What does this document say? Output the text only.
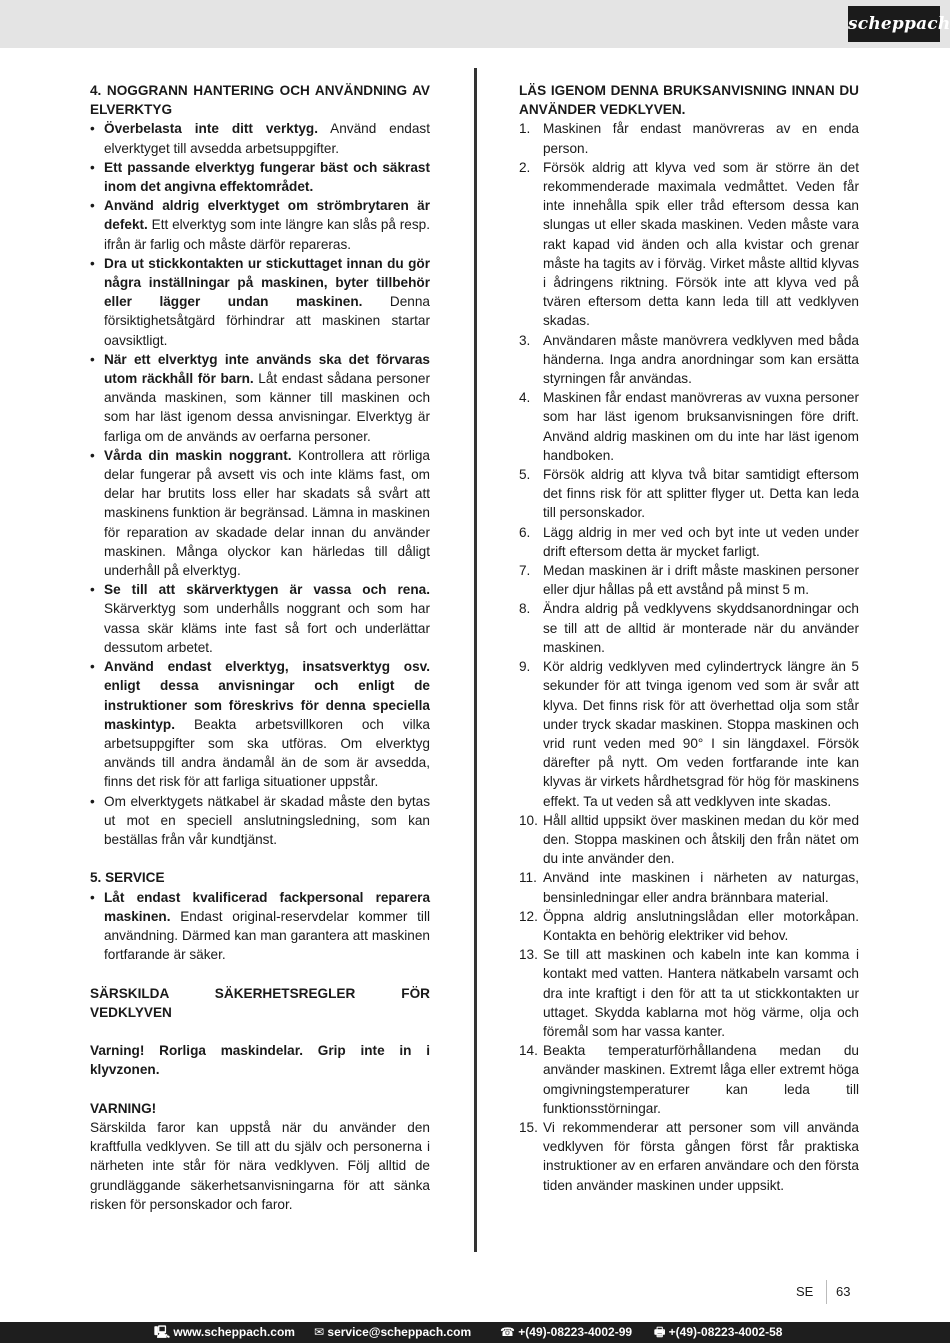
scheppach

4. NOGGRANN HANTERING OCH ANVÄNDNING AV ELVERKTYG

• Överbelasta inte ditt verktyg. Använd endast elverktyget till avsedda arbetsuppgifter.
• Ett passande elverktyg fungerar bäst och säkrast inom det angivna effektområdet.
• Använd aldrig elverktyget om strömbrytaren är defekt. Ett elverktyg som inte längre kan slås på resp. ifrån är farlig och måste därför repareras.
• Dra ut stickkontakten ur stickuttaget innan du gör några inställningar på maskinen, byter tillbehör eller lägger undan maskinen. Denna försiktighetsåtgärd förhindrar att maskinen startar oavsiktligt.
• När ett elverktyg inte används ska det förvaras utom räckhåll för barn. Låt endast sådana personer använda maskinen, som känner till maskinen och som har läst igenom dessa anvisningar. Elverktyg är farliga om de används av oerfarna personer.
• Vårda din maskin noggrant. Kontrollera att rörliga delar fungerar på avsett vis och inte kläms fast, om delar har brutits loss eller har skadats så svårt att maskinens funktion är begränsad. Lämna in maskinen för reparation av skadade delar innan du använder maskinen. Många olyckor kan härledas till dåligt underhåll på elverktyg.
• Se till att skärverktygen är vassa och rena. Skärverktyg som underhålls noggrant och som har vassa skär kläms inte fast så fort och underlättar dessutom arbetet.
• Använd endast elverktyg, insatsverktyg osv. enligt dessa anvisningar och enligt de instruktioner som föreskrivs för denna speciella maskintyp. Beakta arbetsvillkoren och vilka arbetsuppgifter som ska utföras. Om elverktyg används till andra ändamål än de som är avsedda, finns det risk för att farliga situationer uppstår.
• Om elverktygets nätkabel är skadad måste den bytas ut mot en speciell anslutningsledning, som kan beställas från vår kundtjänst.

5. SERVICE

• Låt endast kvalificerad fackpersonal reparera maskinen. Endast original-reservdelar kommer till användning. Därmed kan man garantera att maskinen fortfarande är säker.

SÄRSKILDA SÄKERHETSREGLER FÖR VEDKLYVEN

Varning! Rorliga maskindelar. Grip inte in i klyvzonen.

VARNING!

Särskilda faror kan uppstå när du använder den kraftfulla vedklyven. Se till att du själv och personerna i närheten inte står för nära vedklyven. Följ alltid de grundläggande säkerhetsanvisningarna för att sänka risken för personskador och faror.

LÄS IGENOM DENNA BRUKSANVISNING INNAN DU ANVÄNDER VEDKLYVEN.

1. Maskinen får endast manövreras av en enda person.
2. Försök aldrig att klyva ved som är större än det rekommenderade maximala vedmåttet. Veden får inte innehålla spik eller tråd eftersom dessa kan slungas ut eller skada maskinen. Veden måste vara rakt kapad vid änden och alla kvistar och grenar måste ha tagits av i förväg. Virket måste alltid klyvas i ådringens riktning. Försök inte att klyva ved på tvären eftersom detta kann leda till att vedklyven skadas.
3. Användaren måste manövrera vedklyven med båda händerna. Inga andra anordningar som kan ersätta styrningen får användas.
4. Maskinen får endast manövreras av vuxna personer som har läst igenom bruksanvisningen före drift. Använd aldrig maskinen om du inte har läst igenom handboken.
5. Försök aldrig att klyva två bitar samtidigt eftersom det finns risk för att splitter flyger ut. Detta kan leda till personskador.
6. Lägg aldrig in mer ved och byt inte ut veden under drift eftersom detta är mycket farligt.
7. Medan maskinen är i drift måste maskinen personer eller djur hållas på ett avstånd på minst 5 m.
8. Ändra aldrig på vedklyvens skyddsanordningar och se till att de alltid är monterade när du använder maskinen.
9. Kör aldrig vedklyven med cylindertryck längre än 5 sekunder för att tvinga igenom ved som är svår att klyva. Det finns risk för att överhettad olja som står under tryck skadar maskinen. Stoppa maskinen och vrid runt veden med 90° I sin längdaxel. Försök därefter på nytt. Om veden fortfarande inte kan klyvas är virkets hårdhetsgrad för hög för maskinens effekt. Ta ut veden så att vedklyven inte skadas.
10. Håll alltid uppsikt över maskinen medan du kör med den. Stoppa maskinen och åtskilj den från nätet om du inte använder den.
11. Använd inte maskinen i närheten av naturgas, bensinledningar eller andra brännbara material.
12. Öppna aldrig anslutningslådan eller motorkåpan. Kontakta en behörig elektriker vid behov.
13. Se till att maskinen och kabeln inte kan komma i kontakt med vatten. Hantera nätkabeln varsamt och dra inte kraftigt i den för att ta ut stickkontakten ur uttaget. Skydda kablarna mot hög värme, olja och föremål som har vassa kanter.
14. Beakta temperaturförhållandena medan du använder maskinen. Extremt låga eller extremt höga omgivningstemperaturer kan leda till funktionsstörningar.
15. Vi rekommenderar att personer som vill använda vedklyven för första gången först får praktiska instruktioner av en erfaren användare och den första tiden använder maskinen under uppsikt.
SE 63
🖳 www.scheppach.com ✉ service@scheppach.com ☎ +(49)-08223-4002-99 🖶 +(49)-08223-4002-58
